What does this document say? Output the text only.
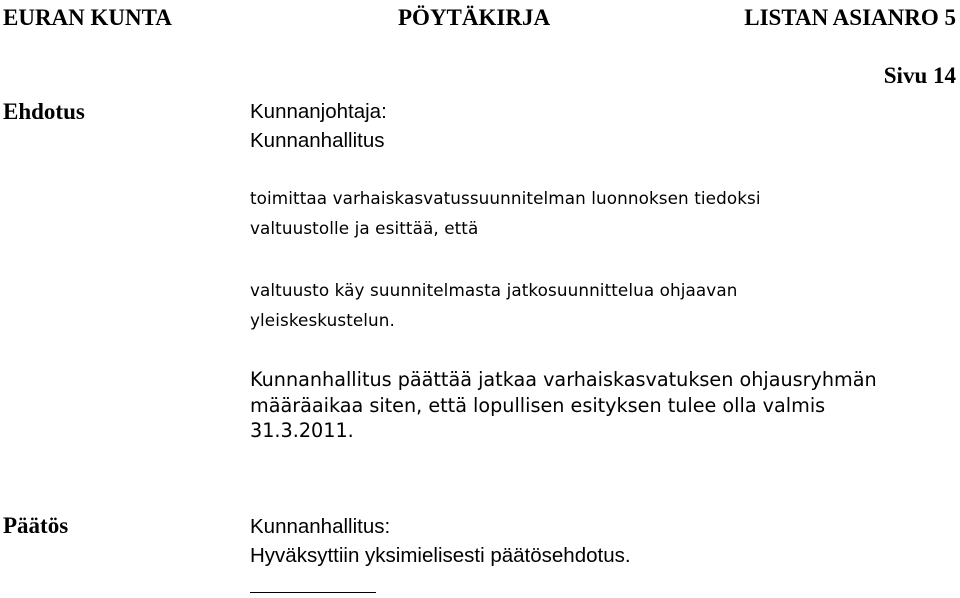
EURAN KUNTA	PÖYTÄKIRJA	LISTAN ASIANRO 5
Sivu 14
Ehdotus	Kunnanjohtaja:
Kunnanhallitus
toimittaa varhaiskasvatussuunnitelman luonnoksen tiedoksi
valtuustolle ja esittää, että
valtuusto käy suunnitelmasta jatkosuunnittelua ohjaavan
yleiskeskustelun.
Kunnanhallitus päättää jatkaa varhaiskasvatuksen ohjausryhmän
määräaikaa siten, että lopullisen esityksen tulee olla valmis
31.3.2011.
Päätös	Kunnanhallitus:
Hyväksyttiin yksimielisesti päätösehdotus.
